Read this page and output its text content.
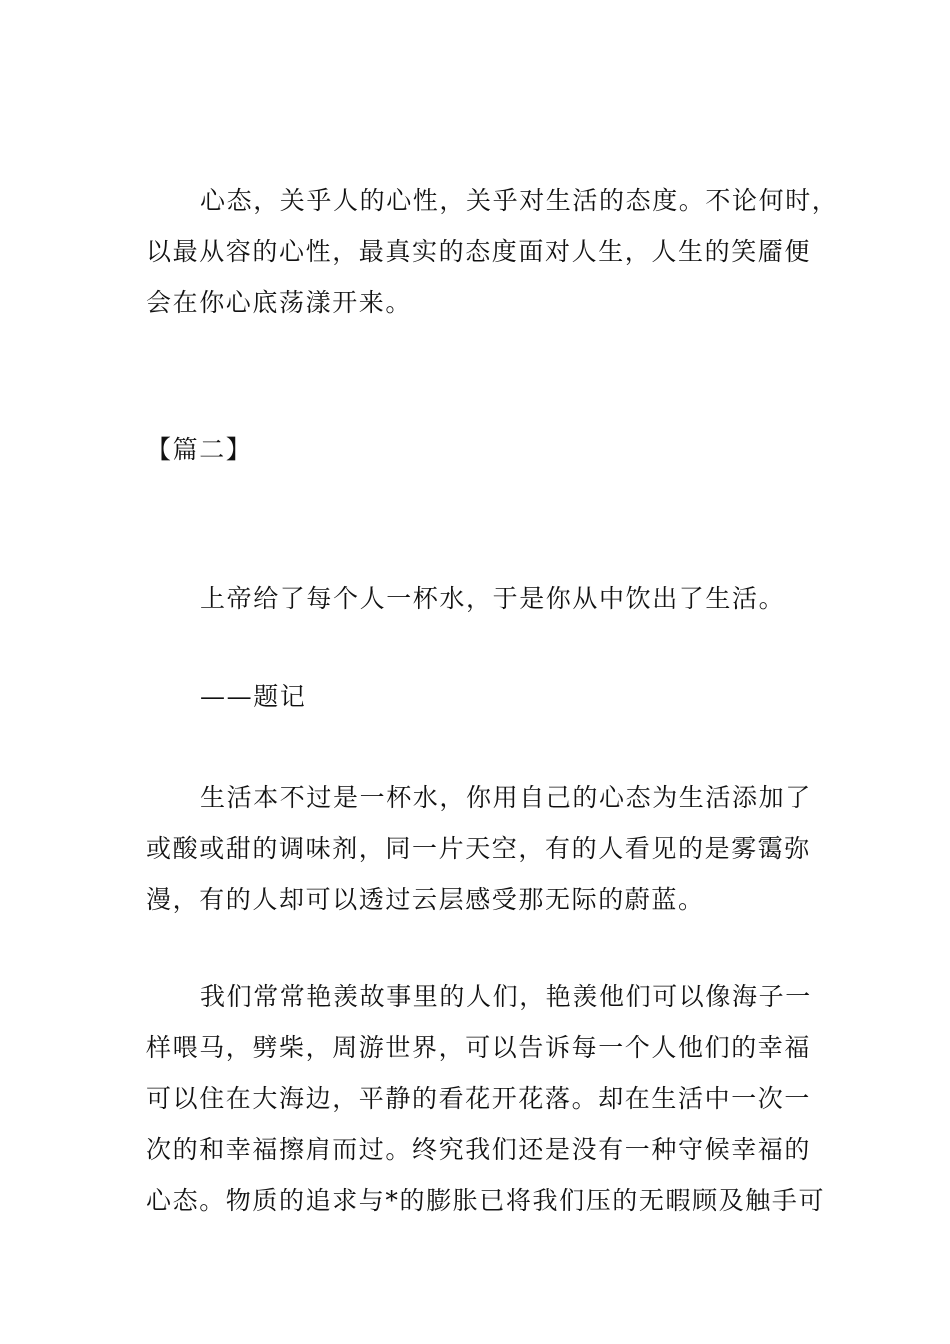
心态，关乎人的心性，关乎对生活的态度。不论何时，
以最从容的心性，最真实的态度面对人生，人生的笑靥便
会在你心底荡漾开来。

【篇二】

上帝给了每个人一杯水，于是你从中饮出了生活。

——题记

生活本不过是一杯水，你用自己的心态为生活添加了
或酸或甜的调味剂，同一片天空，有的人看见的是雾霭弥
漫，有的人却可以透过云层感受那无际的蔚蓝。

我们常常艳羡故事里的人们，艳羡他们可以像海子一
样喂马，劈柴，周游世界，可以告诉每一个人他们的幸福
可以住在大海边，平静的看花开花落。却在生活中一次一
次的和幸福擦肩而过。终究我们还是没有一种守候幸福的
心态。物质的追求与*的膨胀已将我们压的无暇顾及触手可
